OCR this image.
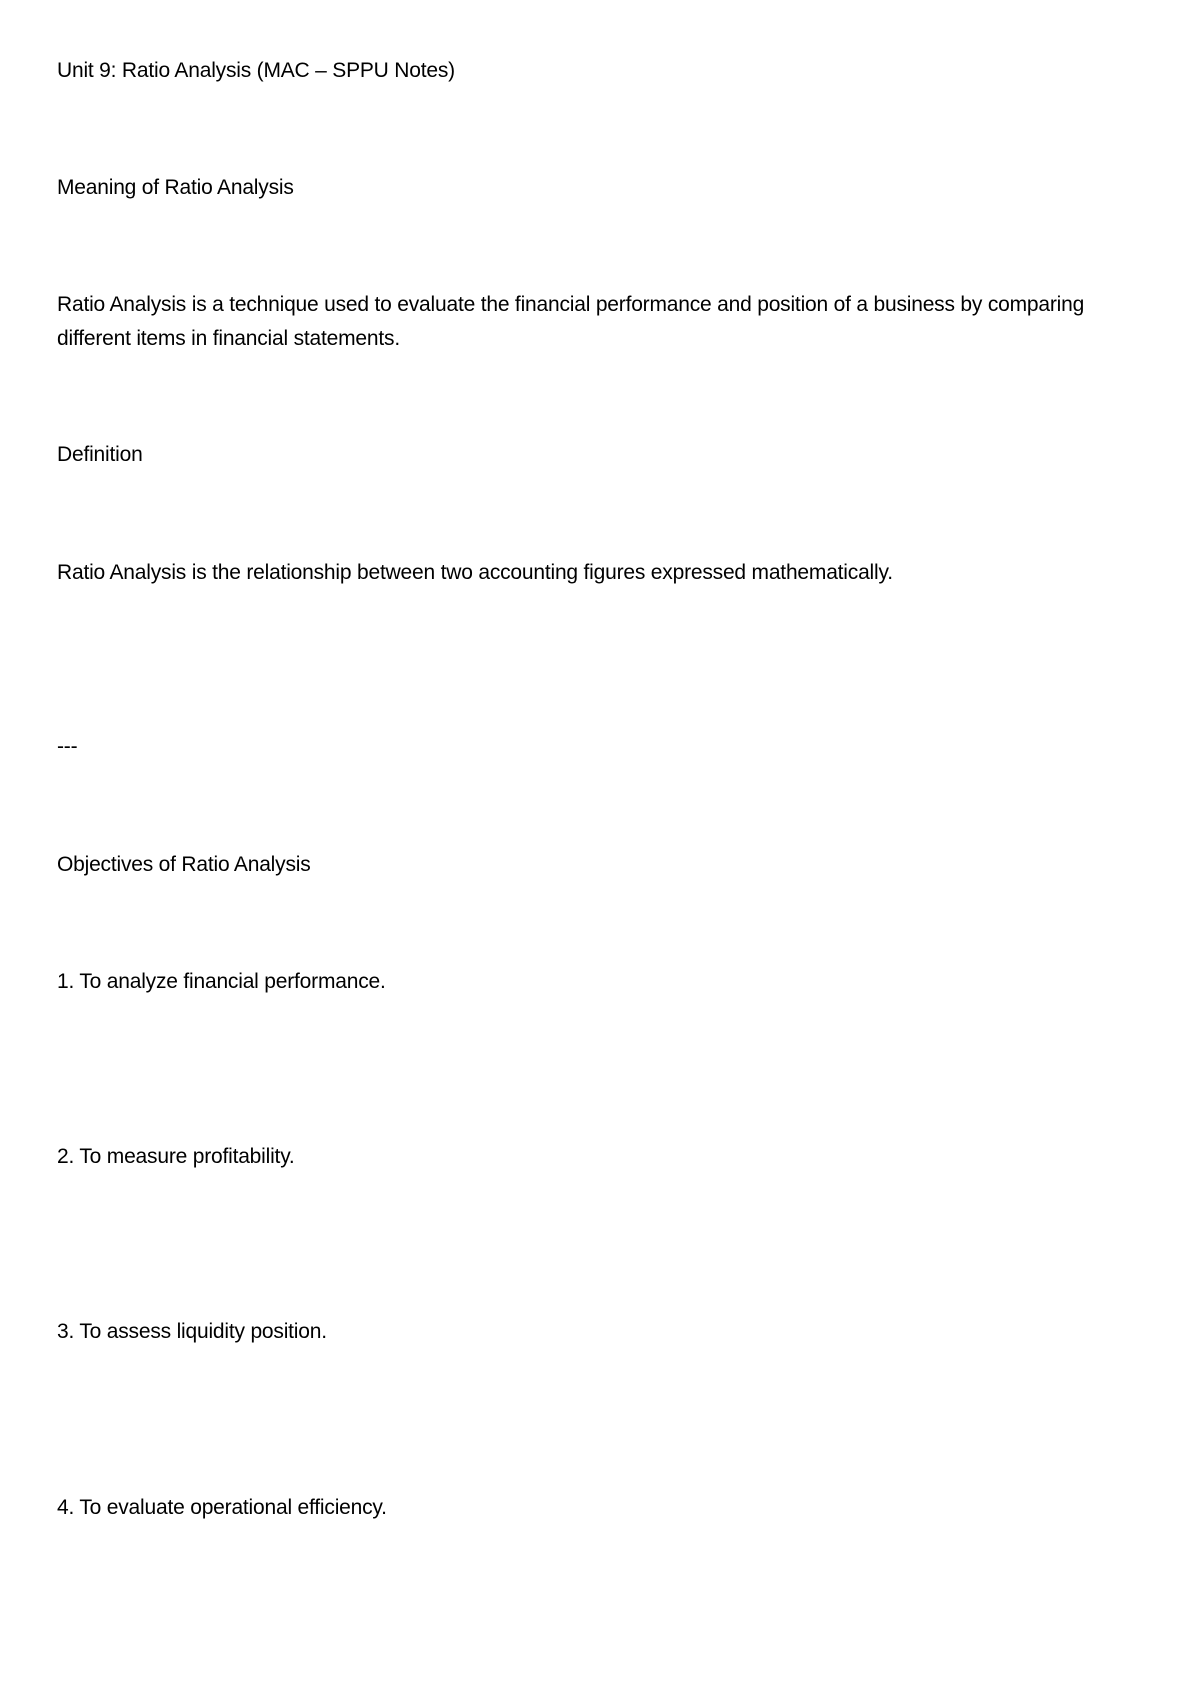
Unit 9: Ratio Analysis (MAC – SPPU Notes)

Meaning of Ratio Analysis

Ratio Analysis is a technique used to evaluate the financial performance and position of a business by comparing different items in financial statements.

Definition

Ratio Analysis is the relationship between two accounting figures expressed mathematically.

---

Objectives of Ratio Analysis

1. To analyze financial performance.

2. To measure profitability.

3. To assess liquidity position.

4. To evaluate operational efficiency.
